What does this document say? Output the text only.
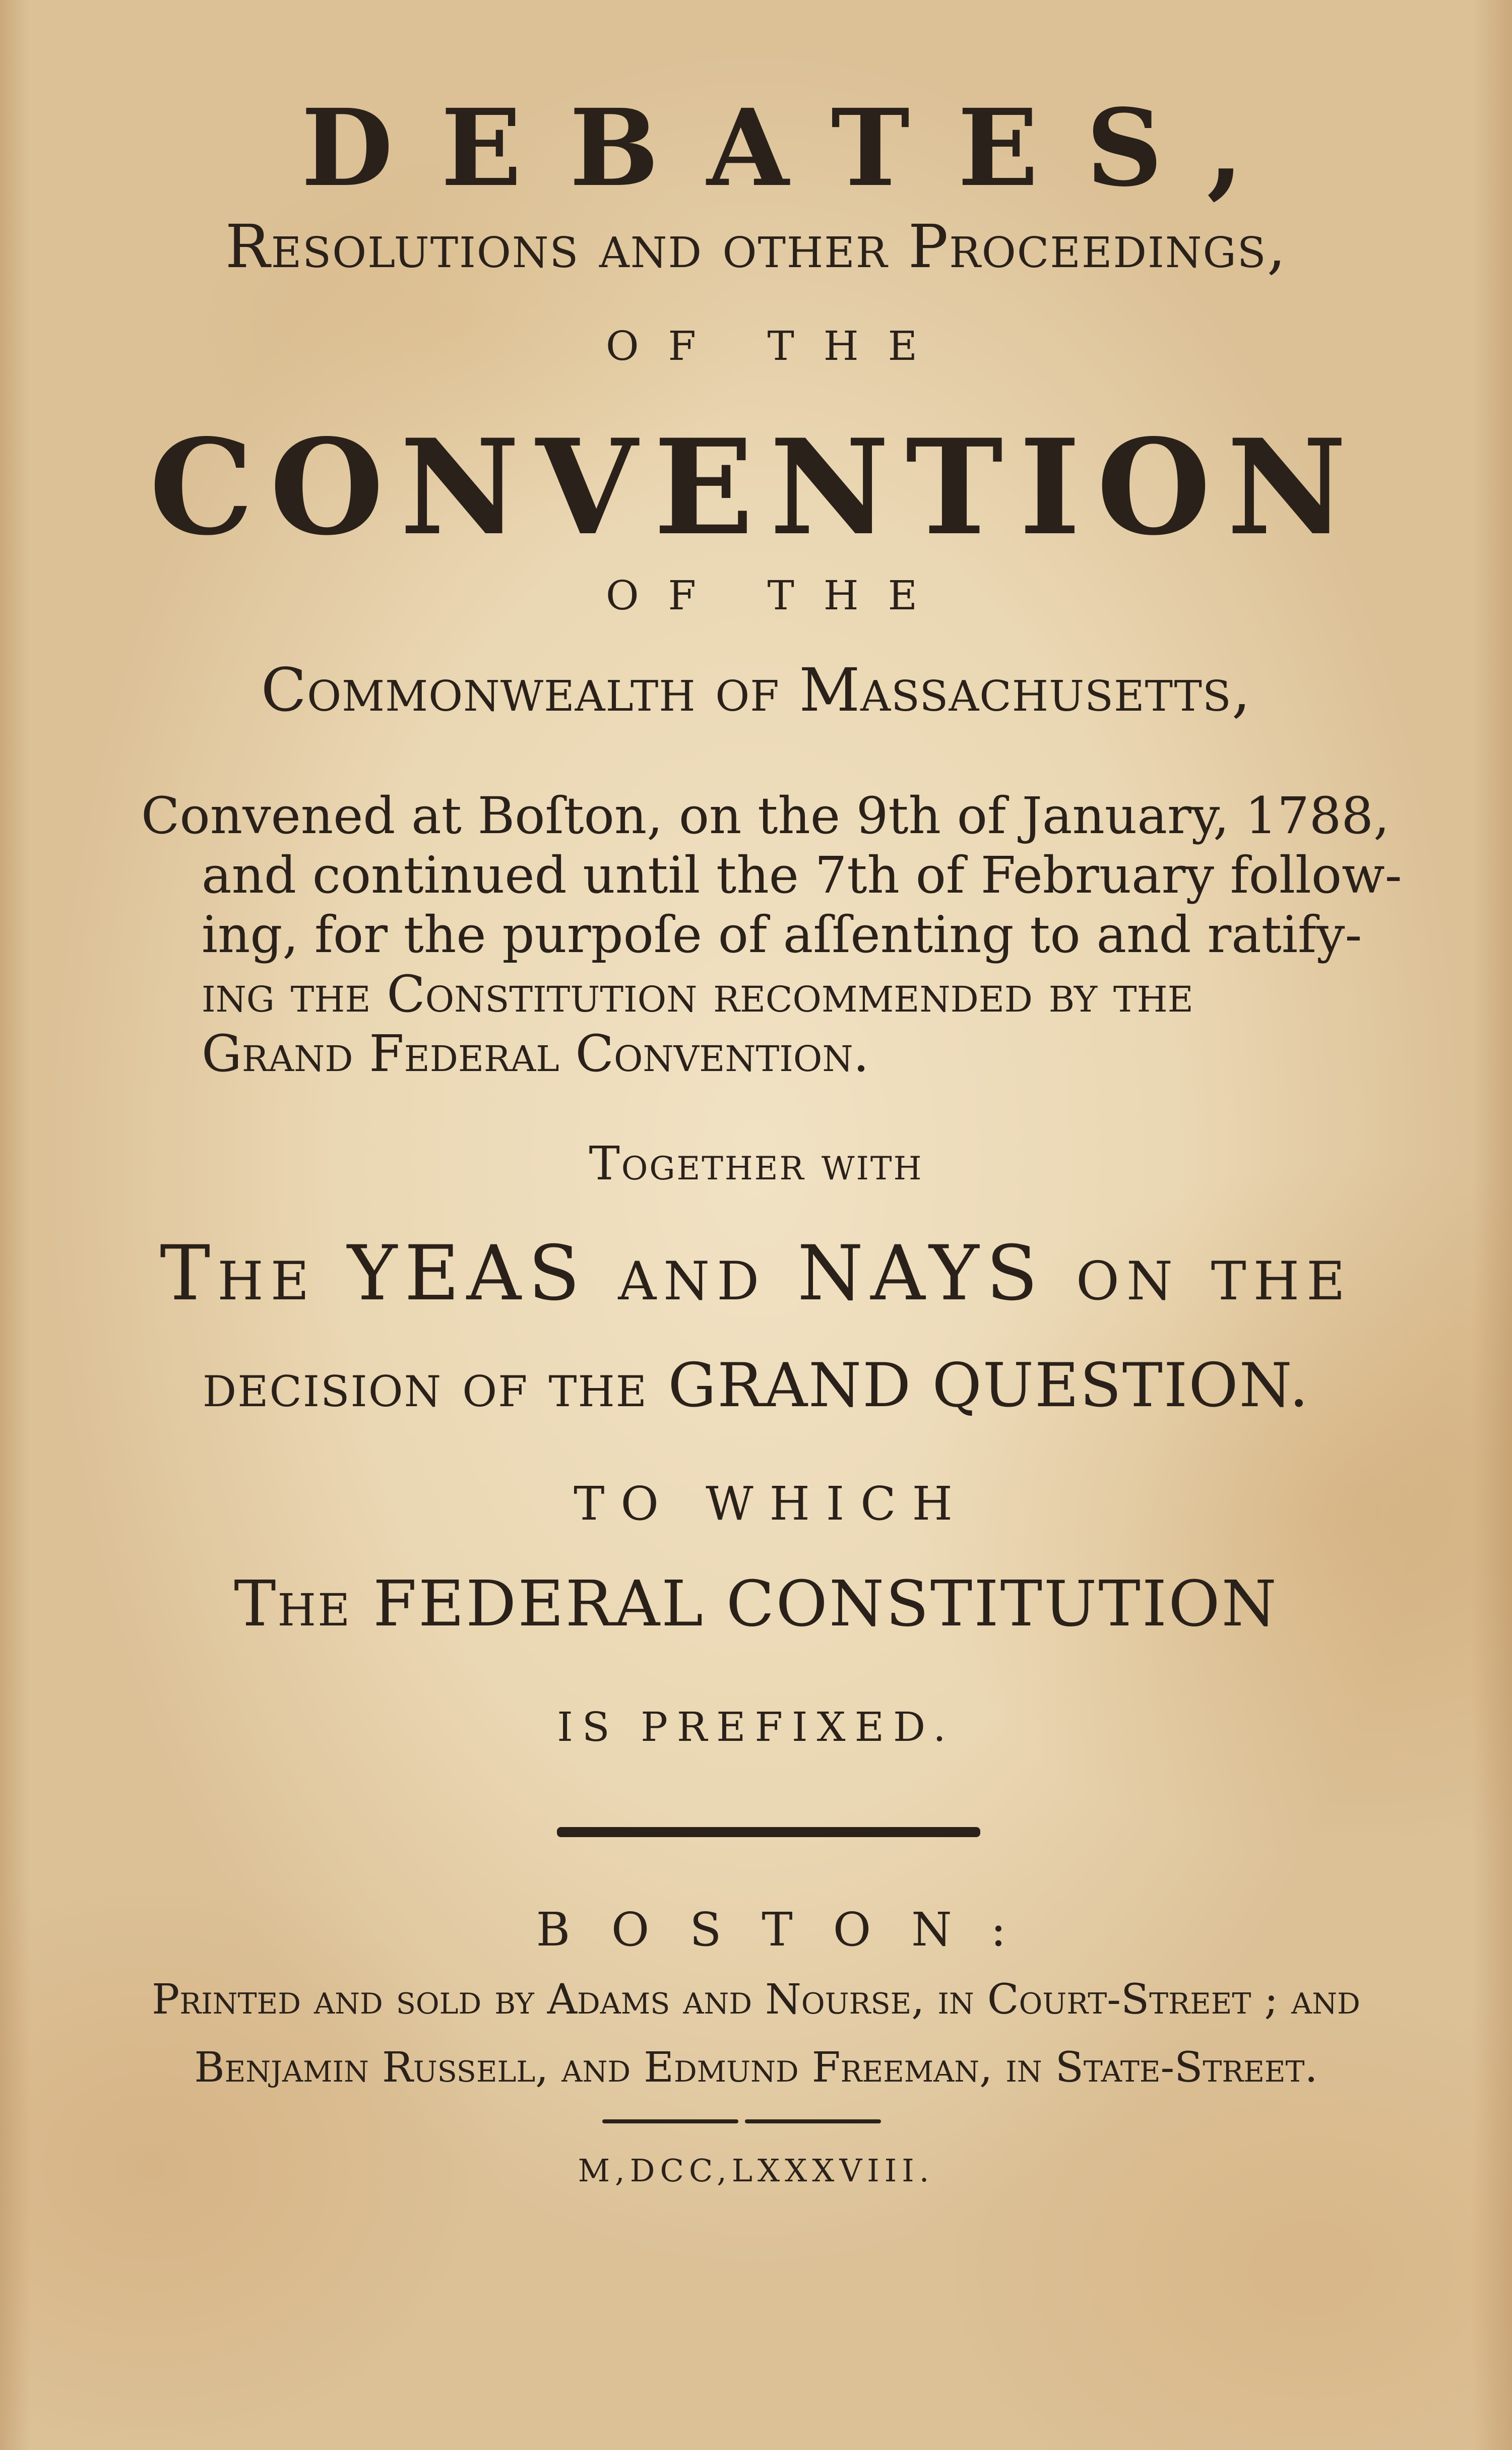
DEBATES,
Resolutions and other Proceedings,
OF THE
CONVENTION
OF THE
Commonwealth of Massachusetts,
Convened at Boſton, on the 9th of January, 1788,
and continued until the 7th of February follow-
ing, for the purpoſe of aſſenting to and ratify-
ing the Constitution recommended by the
Grand Federal Convention.
Together with
The YEAS and NAYS on the
decision of the GRAND QUESTION.
TO WHICH
The FEDERAL CONSTITUTION
IS PREFIXED.
BOSTON:
Printed and ſold by Adams and Nourse, in Court-Street ; and
Benjamin Russell, and Edmund Freeman, in State-Street.
M,DCC,LXXXVIII.
